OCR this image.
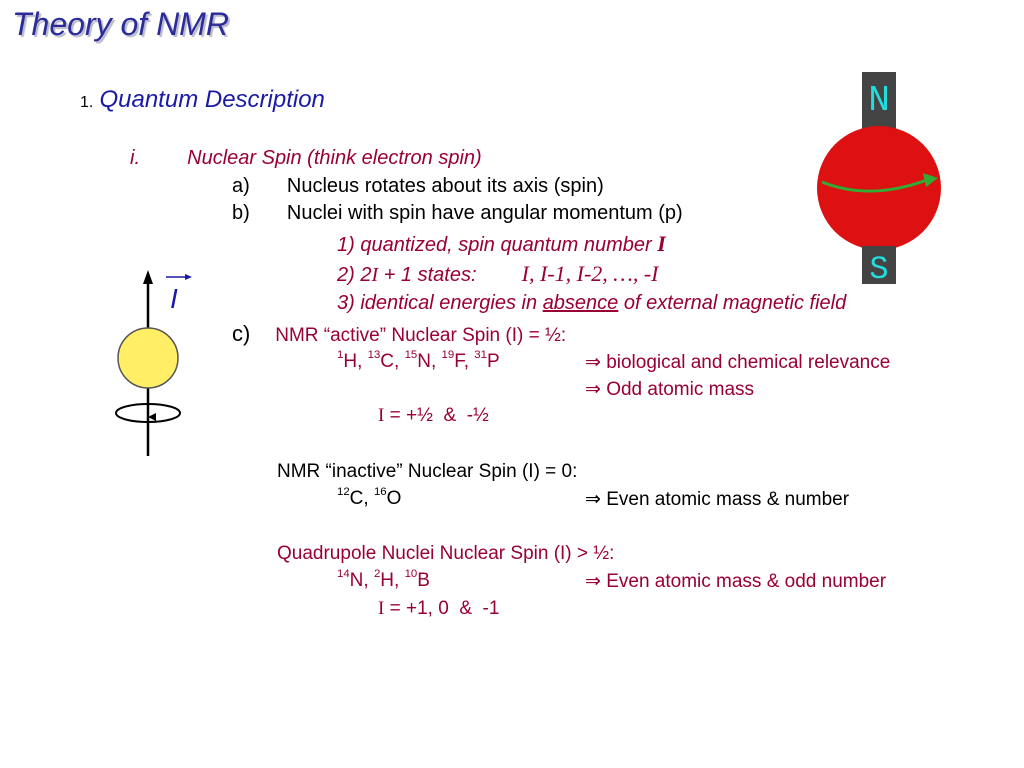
Theory of NMR
1. Quantum Description
i. Nuclear Spin (think electron spin)
a) Nucleus rotates about its axis (spin)
b) Nuclei with spin have angular momentum (p)
1) quantized, spin quantum number I
2) 2I + 1 states: I, I-1, I-2, …, -I
3) identical energies in absence of external magnetic field
c) NMR “active” Nuclear Spin (I) = ½:
$^1$H, $^{13}$C, $^{15}$N, $^{19}$F, $^{31}$P	⇒ biological and chemical relevance
⇒ Odd atomic mass
I = +½  &  -½
NMR “inactive” Nuclear Spin (I) = 0:
$^{12}$C, $^{16}$O	⇒ Even atomic mass & number
Quadrupole Nuclei Nuclear Spin (I) > ½:
$^{14}$N, $^2$H, $^{10}$B	⇒ Even atomic mass & odd number
I = +1, 0  &  -1
I
N
S
